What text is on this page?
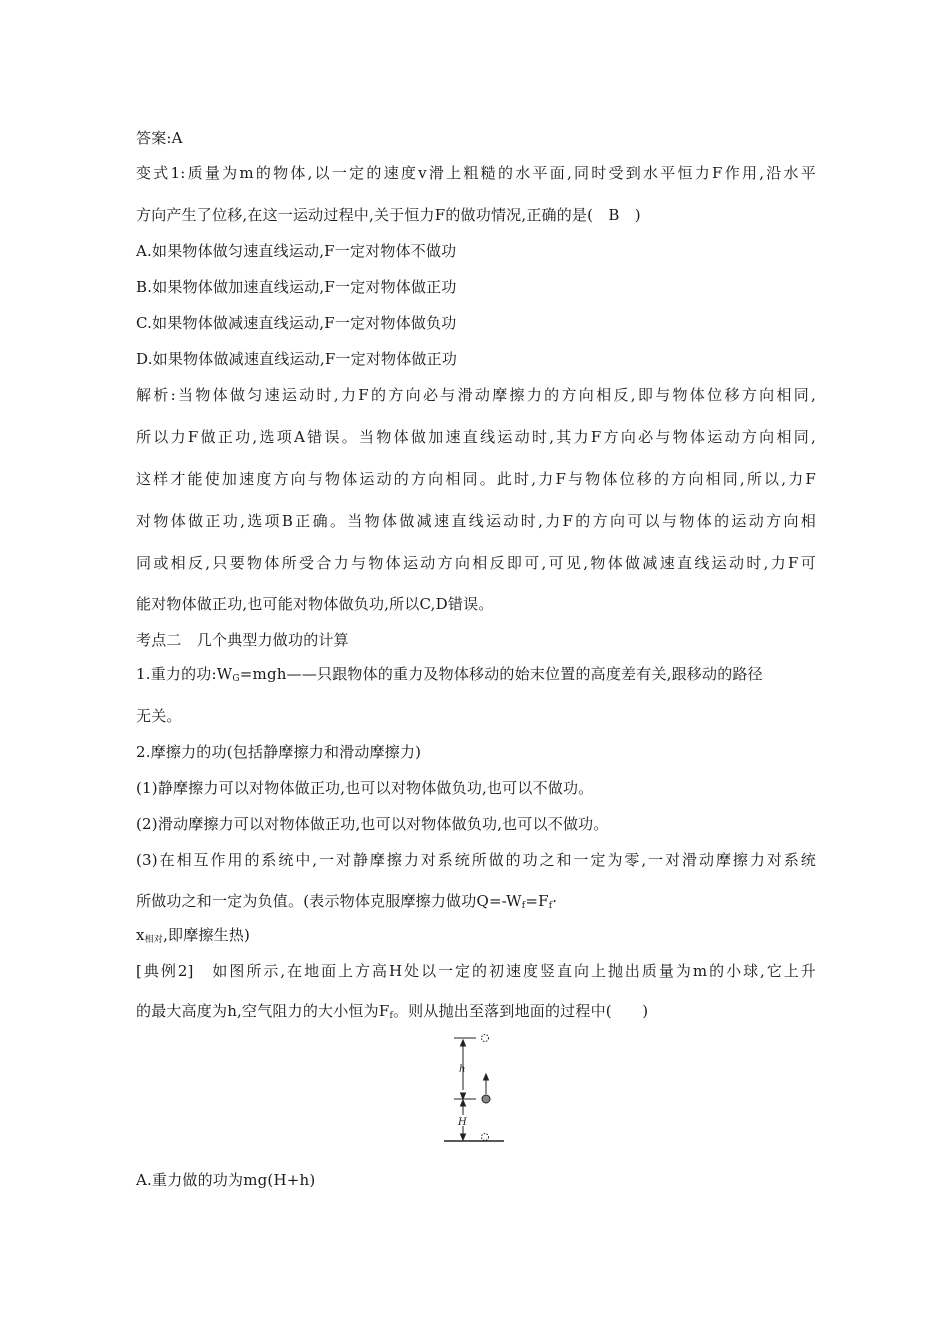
答案:A
变式1:质量为m的物体,以一定的速度v滑上粗糙的水平面,同时受到水平恒力F作用,沿水平
方向产生了位移,在这一运动过程中,关于恒力F的做功情况,正确的是(　B　)
A.如果物体做匀速直线运动,F一定对物体不做功
B.如果物体做加速直线运动,F一定对物体做正功
C.如果物体做减速直线运动,F一定对物体做负功
D.如果物体做减速直线运动,F一定对物体做正功
解析:当物体做匀速运动时,力F的方向必与滑动摩擦力的方向相反,即与物体位移方向相同,
所以力F做正功,选项A错误。当物体做加速直线运动时,其力F方向必与物体运动方向相同,
这样才能使加速度方向与物体运动的方向相同。此时,力F与物体位移的方向相同,所以,力F
对物体做正功,选项B正确。当物体做减速直线运动时,力F的方向可以与物体的运动方向相
同或相反,只要物体所受合力与物体运动方向相反即可,可见,物体做减速直线运动时,力F可
能对物体做正功,也可能对物体做负功,所以C,D错误。
考点二　几个典型力做功的计算
1.重力的功$:W_G=mgh——$只跟物体的重力及物体移动的始末位置的高度差有关,跟移动的路径
无关。
2.摩擦力的功(包括静摩擦力和滑动摩擦力)
(1)静摩擦力可以对物体做正功,也可以对物体做负功,也可以不做功。
(2)滑动摩擦力可以对物体做正功,也可以对物体做负功,也可以不做功。
(3)在相互作用的系统中,一对静摩擦力对系统所做的功之和一定为零,一对滑动摩擦力对系统
所做功之和一定为负值。(表示物体克服摩擦力做功$Q=-W_f=F_f\cdot$
$x_{相对}$,即摩擦生热)
[典例2]　如图所示,在地面上方高H处以一定的初速度竖直向上抛出质量为m的小球,它上升
的最大高度为h,空气阻力的大小恒为$F_f$。则从抛出至落到地面的过程中(　　)
h
H
A.重力做的功为mg(H+h)
